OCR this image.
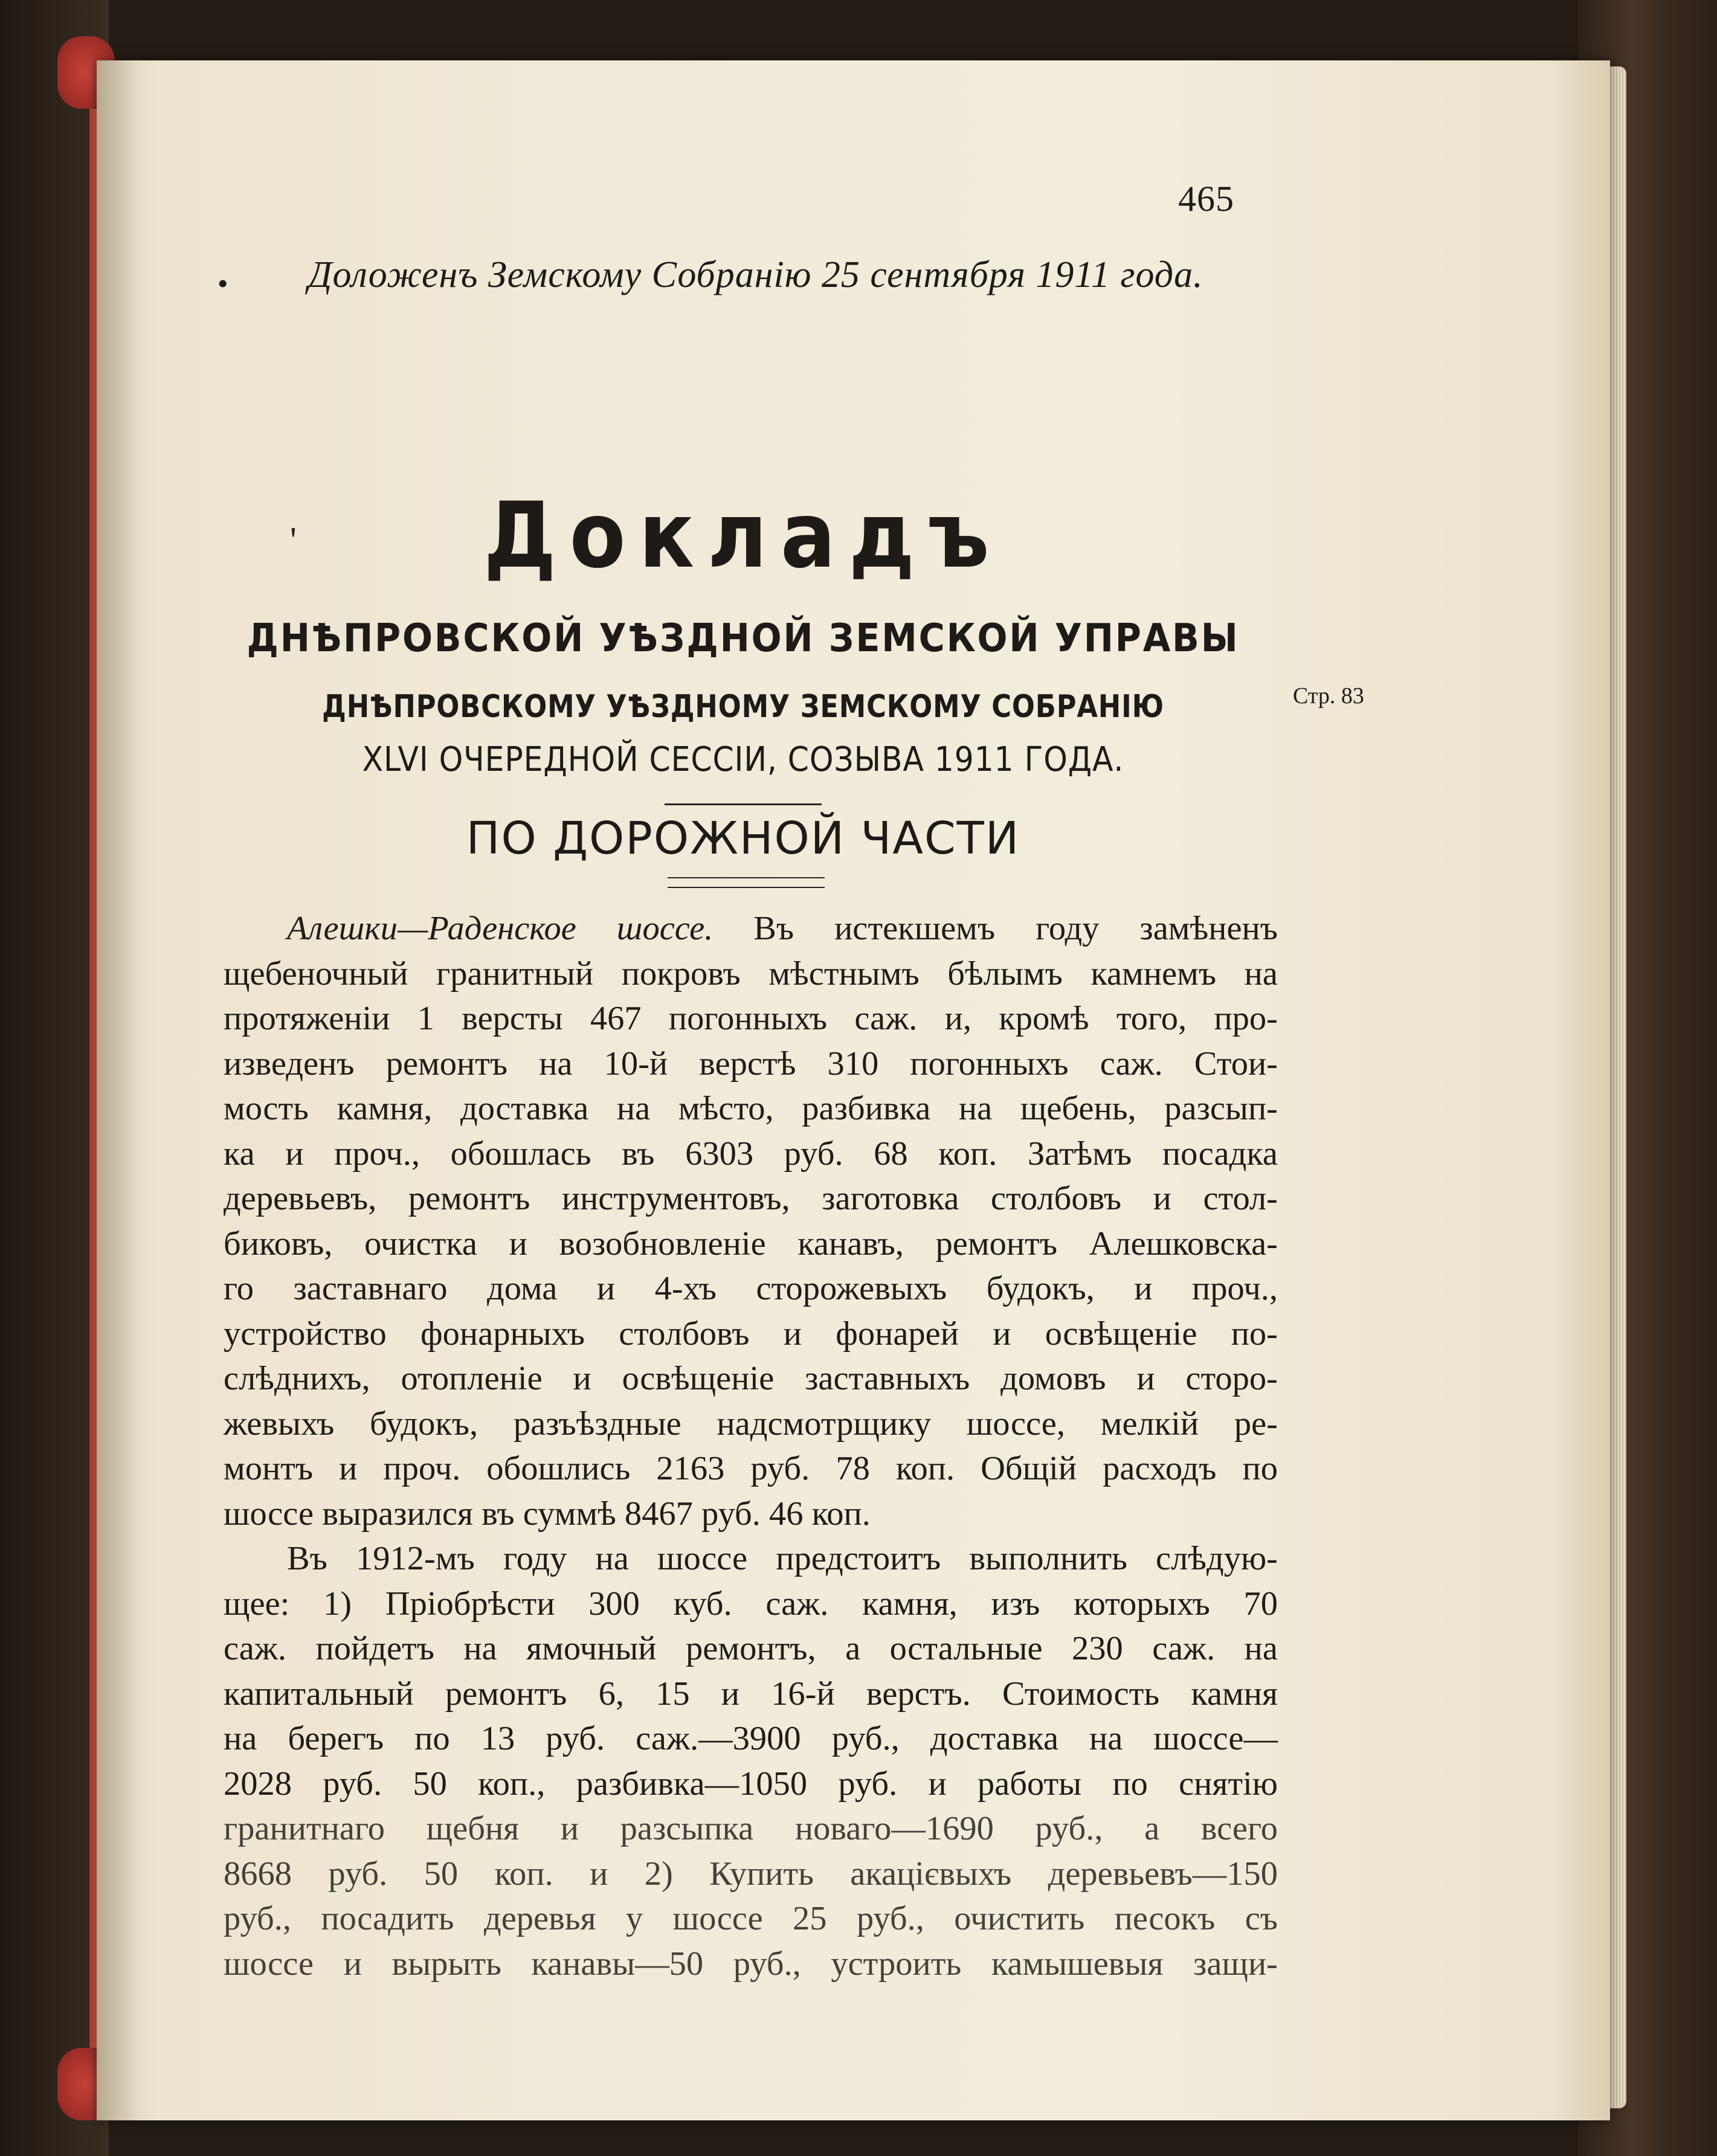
465
• Доложенъ Земскому Собранію 25 сентября 1911 года.
'
Стр. 83
Докладъ
ДНѢПРОВСКОЙ УѢЗДНОЙ ЗЕМСКОЙ УПРАВЫ
ДНѢПРОВСКОМУ УѢЗДНОМУ ЗЕМСКОМУ СОБРАНІЮ
XLVI ОЧЕРЕДНОЙ СЕССІИ, СОЗЫВА 1911 ГОДА.
ПО ДОРОЖНОЙ ЧАСТИ
Алешки—Раденское шоссе. Въ истекшемъ году замѣненъ
щебеночный гранитный покровъ мѣстнымъ бѣлымъ камнемъ на
протяженіи 1 версты 467 погонныхъ саж. и, кромѣ того, про-
изведенъ ремонтъ на 10-й верстѣ 310 погонныхъ саж. Стои-
мость камня, доставка на мѣсто, разбивка на щебень, разсып-
ка и проч., обошлась въ 6303 руб. 68 коп. Затѣмъ посадка
деревьевъ, ремонтъ инструментовъ, заготовка столбовъ и стол-
биковъ, очистка и возобновленіе канавъ, ремонтъ Алешковска-
го заставнаго дома и 4-хъ сторожевыхъ будокъ, и проч.,
устройство фонарныхъ столбовъ и фонарей и освѣщеніе по-
слѣднихъ, отопленіе и освѣщеніе заставныхъ домовъ и сторо-
жевыхъ будокъ, разъѣздные надсмотрщику шоссе, мелкій ре-
монтъ и проч. обошлись 2163 руб. 78 коп. Общій расходъ по
шоссе выразился въ суммѣ 8467 руб. 46 коп.
Въ 1912-мъ году на шоссе предстоитъ выполнить слѣдую-
щее: 1) Пріобрѣсти 300 куб. саж. камня, изъ которыхъ 70
саж. пойдетъ на ямочный ремонтъ, а остальные 230 саж. на
капитальный ремонтъ 6, 15 и 16-й верстъ. Стоимость камня
на берегъ по 13 руб. саж.—3900 руб., доставка на шоссе—
2028 руб. 50 коп., разбивка—1050 руб. и работы по снятію
гранитнаго щебня и разсыпка новаго—1690 руб., а всего
8668 руб. 50 коп. и 2) Купить акацієвыхъ деревьевъ—150
руб., посадить деревья у шоссе 25 руб., очистить песокъ съ
шоссе и вырыть канавы—50 руб., устроить камышевыя защи-
